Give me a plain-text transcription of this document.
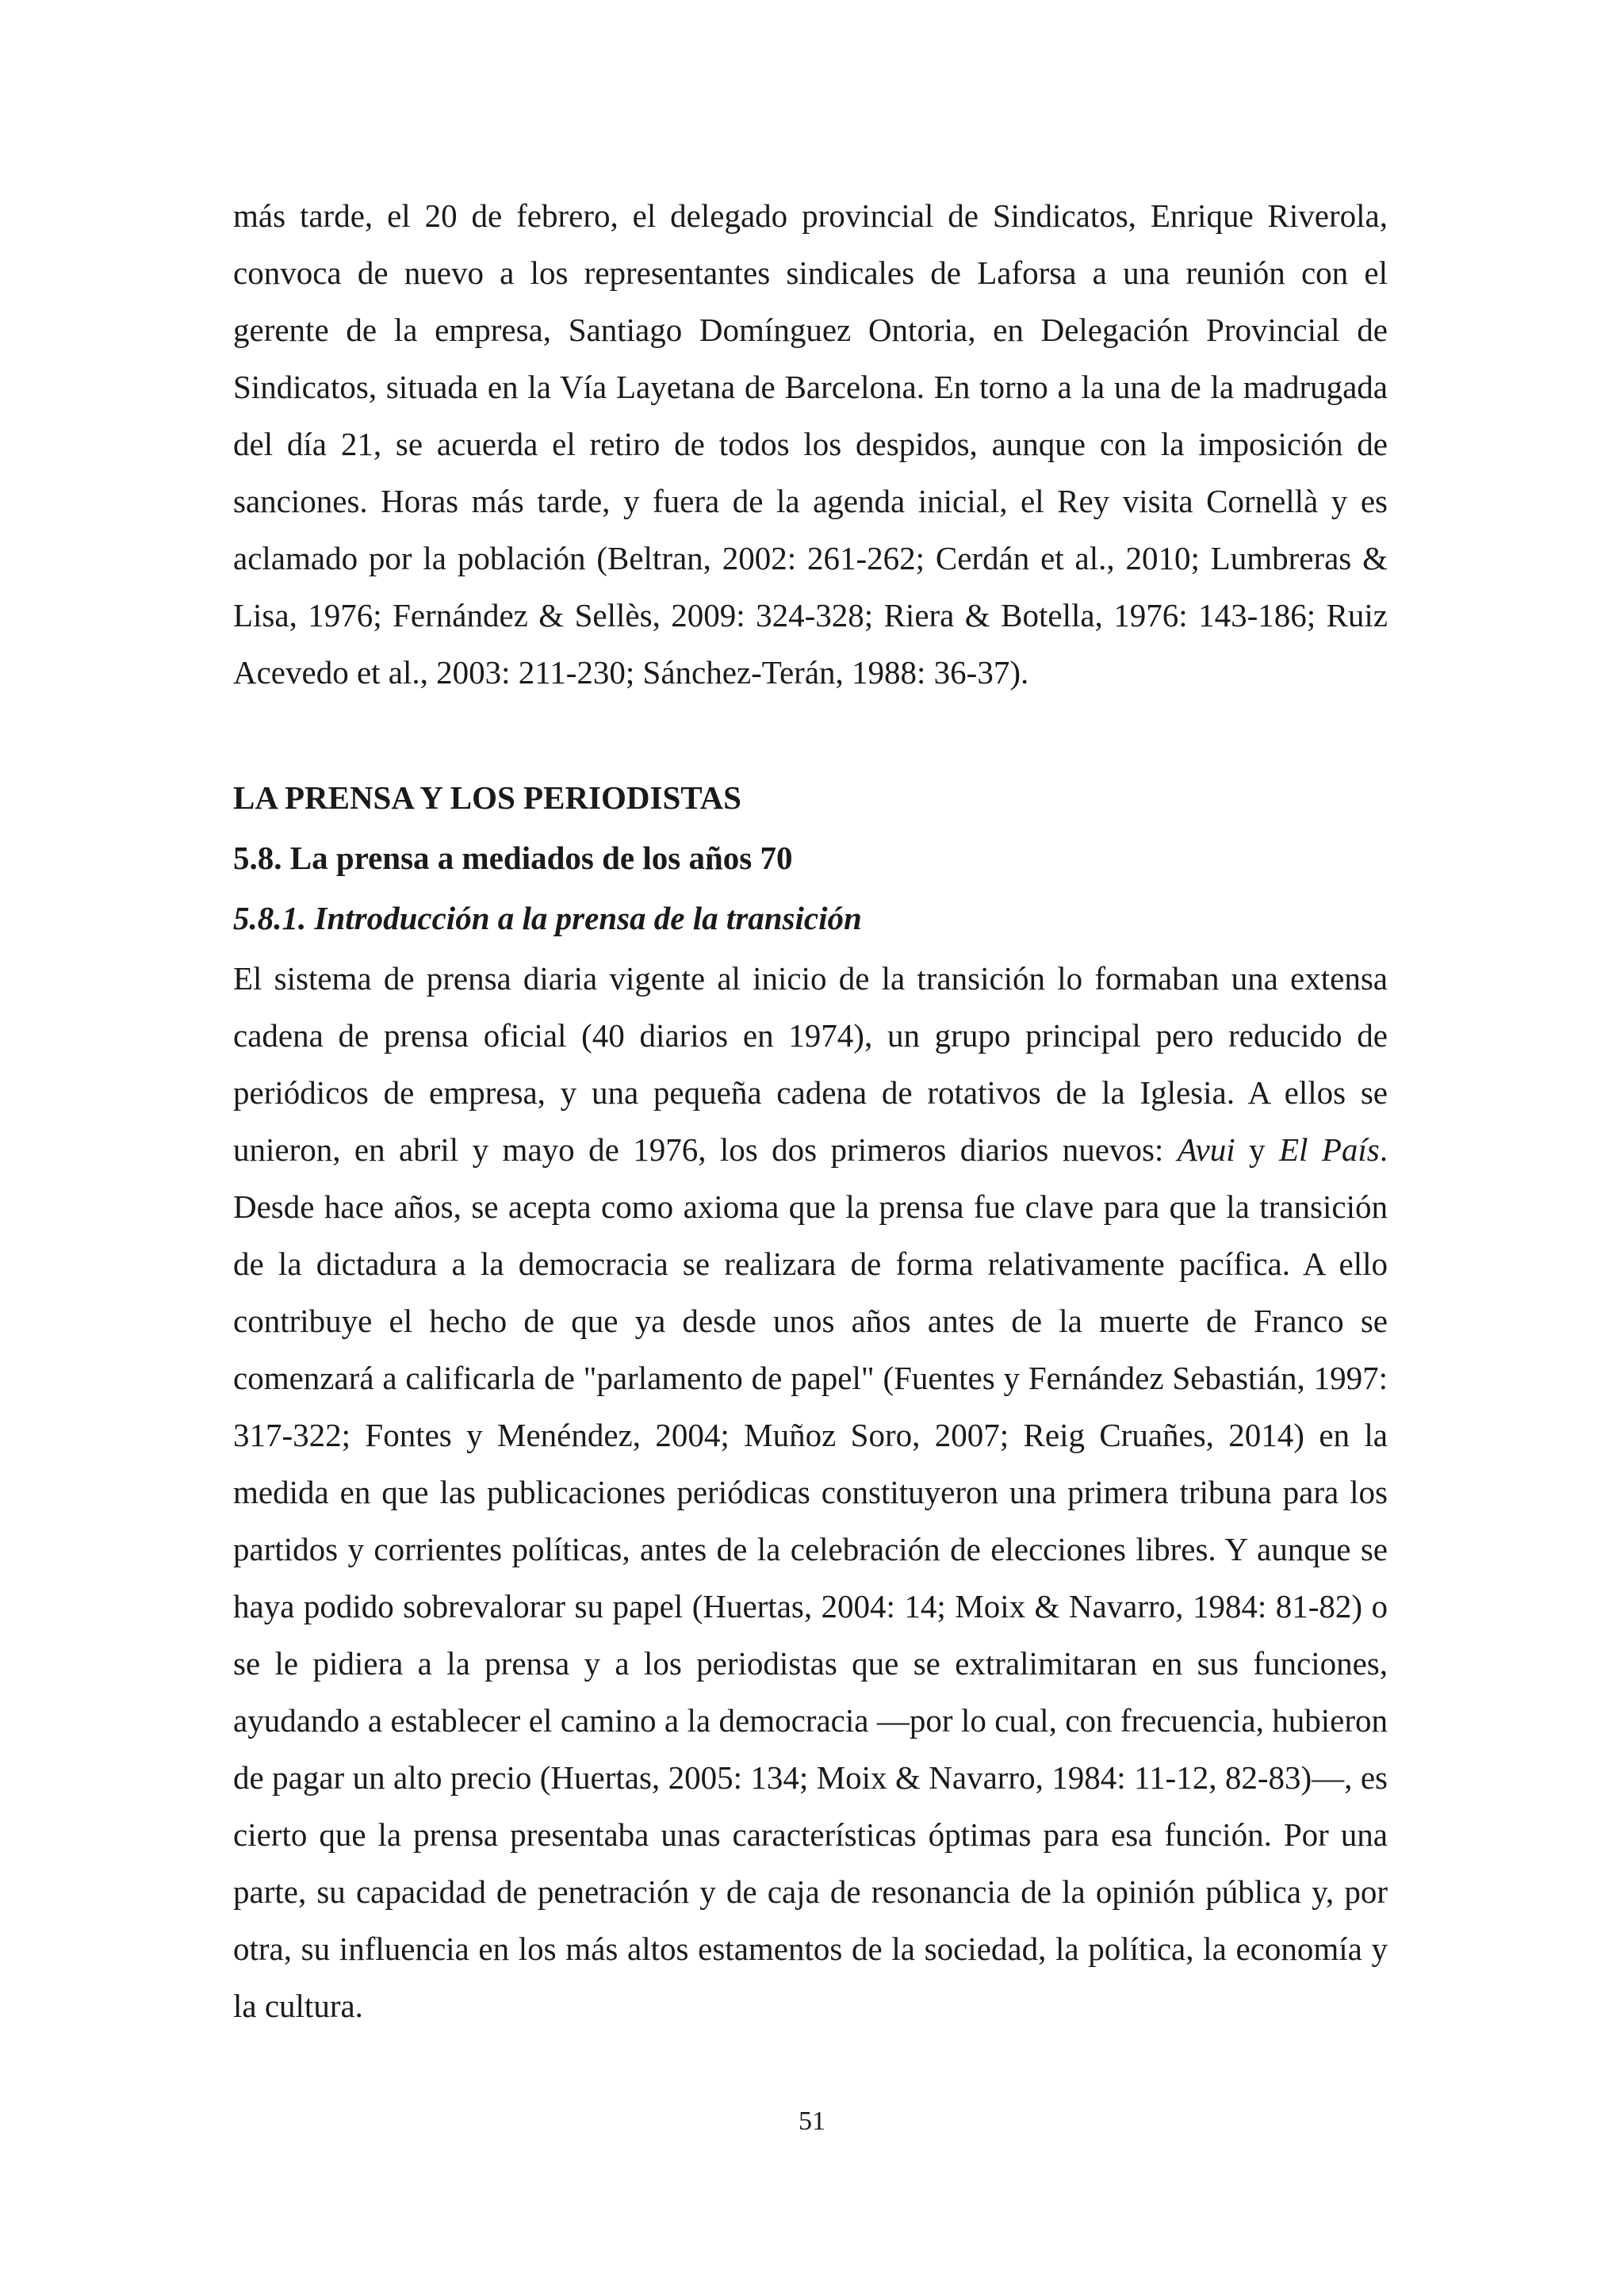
más tarde, el 20 de febrero, el delegado provincial de Sindicatos, Enrique Riverola, convoca de nuevo a los representantes sindicales de Laforsa a una reunión con el gerente de la empresa, Santiago Domínguez Ontoria, en Delegación Provincial de Sindicatos, situada en la Vía Layetana de Barcelona. En torno a la una de la madrugada del día 21, se acuerda el retiro de todos los despidos, aunque con la imposición de sanciones. Horas más tarde, y fuera de la agenda inicial, el Rey visita Cornellà y es aclamado por la población (Beltran, 2002: 261-262; Cerdán et al., 2010; Lumbreras & Lisa, 1976; Fernández & Sellès, 2009: 324-328; Riera & Botella, 1976: 143-186; Ruiz Acevedo et al., 2003: 211-230; Sánchez-Terán, 1988: 36-37).

LA PRENSA Y LOS PERIODISTAS
5.8. La prensa a mediados de los años 70
5.8.1. Introducción a la prensa de la transición

El sistema de prensa diaria vigente al inicio de la transición lo formaban una extensa cadena de prensa oficial (40 diarios en 1974), un grupo principal pero reducido de periódicos de empresa, y una pequeña cadena de rotativos de la Iglesia. A ellos se unieron, en abril y mayo de 1976, los dos primeros diarios nuevos: Avui y El País. Desde hace años, se acepta como axioma que la prensa fue clave para que la transición de la dictadura a la democracia se realizara de forma relativamente pacífica. A ello contribuye el hecho de que ya desde unos años antes de la muerte de Franco se comenzará a calificarla de "parlamento de papel" (Fuentes y Fernández Sebastián, 1997: 317-322; Fontes y Menéndez, 2004; Muñoz Soro, 2007; Reig Cruañes, 2014) en la medida en que las publicaciones periódicas constituyeron una primera tribuna para los partidos y corrientes políticas, antes de la celebración de elecciones libres. Y aunque se haya podido sobrevalorar su papel (Huertas, 2004: 14; Moix & Navarro, 1984: 81-82) o se le pidiera a la prensa y a los periodistas que se extralimitaran en sus funciones, ayudando a establecer el camino a la democracia —por lo cual, con frecuencia, hubieron de pagar un alto precio (Huertas, 2005: 134; Moix & Navarro, 1984: 11-12, 82-83)—, es cierto que la prensa presentaba unas características óptimas para esa función. Por una parte, su capacidad de penetración y de caja de resonancia de la opinión pública y, por otra, su influencia en los más altos estamentos de la sociedad, la política, la economía y la cultura.

51
